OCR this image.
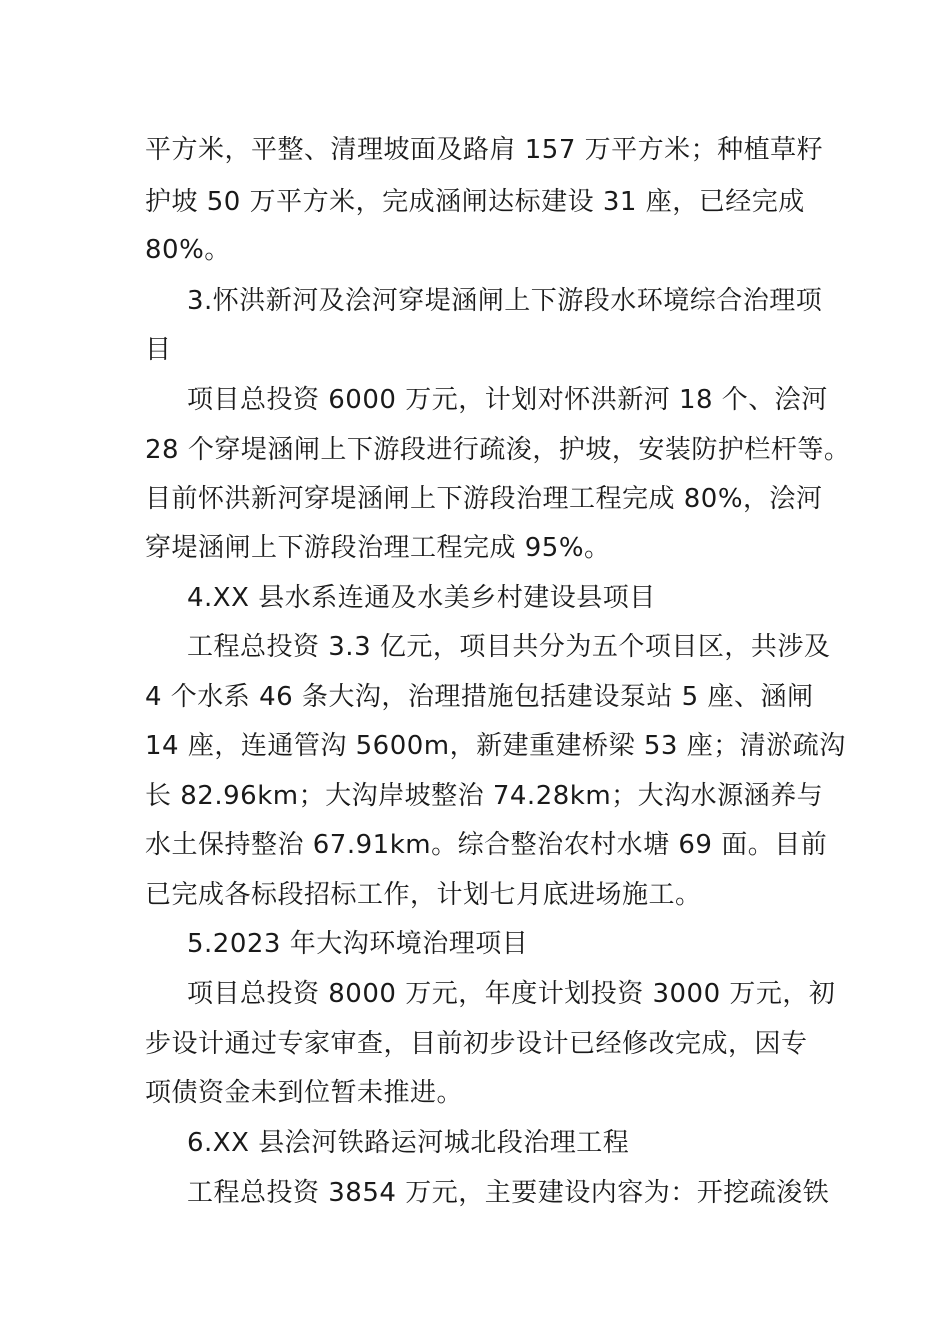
平方米，平整、清理坡面及路肩 157 万平方米；种植草籽
护坡 50 万平方米，完成涵闸达标建设 31 座，已经完成
80%。
3.怀洪新河及浍河穿堤涵闸上下游段水环境综合治理项
目
项目总投资 6000 万元，计划对怀洪新河 18 个、浍河
28 个穿堤涵闸上下游段进行疏浚，护坡，安装防护栏杆等。
目前怀洪新河穿堤涵闸上下游段治理工程完成 80%，浍河
穿堤涵闸上下游段治理工程完成 95%。
4.XX 县水系连通及水美乡村建设县项目
工程总投资 3.3 亿元，项目共分为五个项目区，共涉及
4 个水系 46 条大沟，治理措施包括建设泵站 5 座、涵闸
14 座，连通管沟 5600m，新建重建桥梁 53 座；清淤疏沟
长 82.96km；大沟岸坡整治 74.28km；大沟水源涵养与
水土保持整治 67.91km。综合整治农村水塘 69 面。目前
已完成各标段招标工作，计划七月底进场施工。
5.2023 年大沟环境治理项目
项目总投资 8000 万元，年度计划投资 3000 万元，初
步设计通过专家审查，目前初步设计已经修改完成，因专
项债资金未到位暂未推进。
6.XX 县浍河铁路运河城北段治理工程
工程总投资 3854 万元，主要建设内容为：开挖疏浚铁
